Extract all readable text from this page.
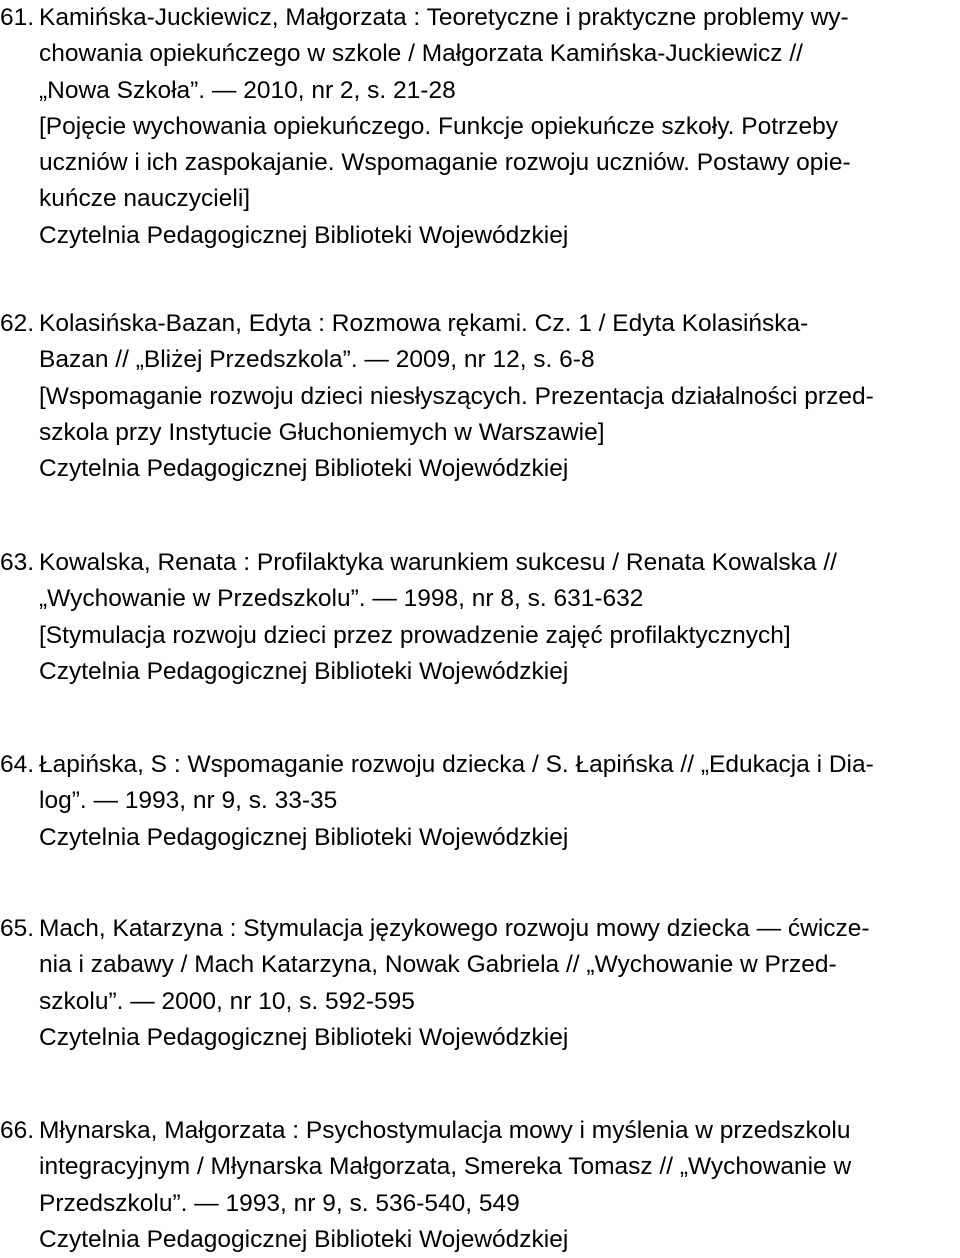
61. Kamińska-Juckiewicz, Małgorzata : Teoretyczne i praktyczne problemy wy-
chowania opiekuńczego w szkole / Małgorzata Kamińska-Juckiewicz //
„Nowa Szkoła”. ― 2010, nr 2, s. 21-28
[Pojęcie wychowania opiekuńczego. Funkcje opiekuńcze szkoły. Potrzeby
uczniów i ich zaspokajanie. Wspomaganie rozwoju uczniów. Postawy opie-
kuńcze nauczycieli]
Czytelnia Pedagogicznej Biblioteki Wojewódzkiej
62. Kolasińska-Bazan, Edyta : Rozmowa rękami. Cz. 1 / Edyta Kolasińska-
Bazan // „Bliżej Przedszkola”. ― 2009, nr 12, s. 6-8
[Wspomaganie rozwoju dzieci niesłyszących. Prezentacja działalności przed-
szkola przy Instytucie Głuchoniemych w Warszawie]
Czytelnia Pedagogicznej Biblioteki Wojewódzkiej
63. Kowalska, Renata : Profilaktyka warunkiem sukcesu / Renata Kowalska //
„Wychowanie w Przedszkolu”. ― 1998, nr 8, s. 631-632
[Stymulacja rozwoju dzieci przez prowadzenie zajęć profilaktycznych]
Czytelnia Pedagogicznej Biblioteki Wojewódzkiej
64. Łapińska, S : Wspomaganie rozwoju dziecka / S. Łapińska // „Edukacja i Dia-
log”. ― 1993, nr 9, s. 33-35
Czytelnia Pedagogicznej Biblioteki Wojewódzkiej
65. Mach, Katarzyna : Stymulacja językowego rozwoju mowy dziecka ― ćwicze-
nia i zabawy / Mach Katarzyna, Nowak Gabriela // „Wychowanie w Przed-
szkolu”. ― 2000, nr 10, s. 592-595
Czytelnia Pedagogicznej Biblioteki Wojewódzkiej
66. Młynarska, Małgorzata : Psychostymulacja mowy i myślenia w przedszkolu
integracyjnym / Młynarska Małgorzata, Smereka Tomasz // „Wychowanie w
Przedszkolu”. ― 1993, nr 9, s. 536-540, 549
Czytelnia Pedagogicznej Biblioteki Wojewódzkiej
